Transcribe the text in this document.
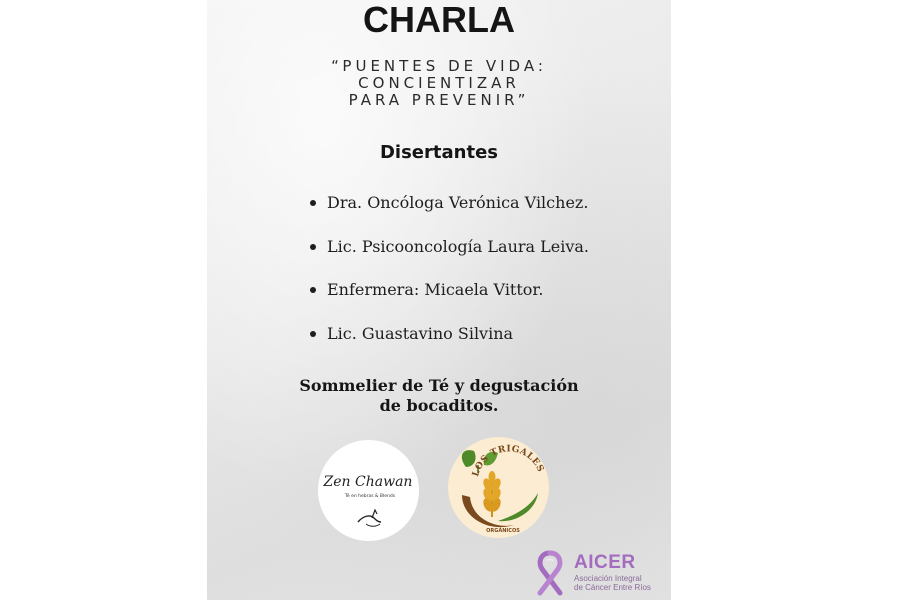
CHARLA
“PUENTES DE VIDA:
CONCIENTIZAR
PARA PREVENIR”
Disertantes
Dra. Oncóloga Verónica Vilchez.
Lic. Psicooncología Laura Leiva.
Enfermera: Micaela Vittor.
Lic. Guastavino Silvina
Sommelier de Té y degustación
de bocaditos.
Zen Chawan
Té en hebras & Blends
LOS TRIGALES
ORGÁNICOS
AICER
Asociación Integral
de Cáncer Entre Ríos
